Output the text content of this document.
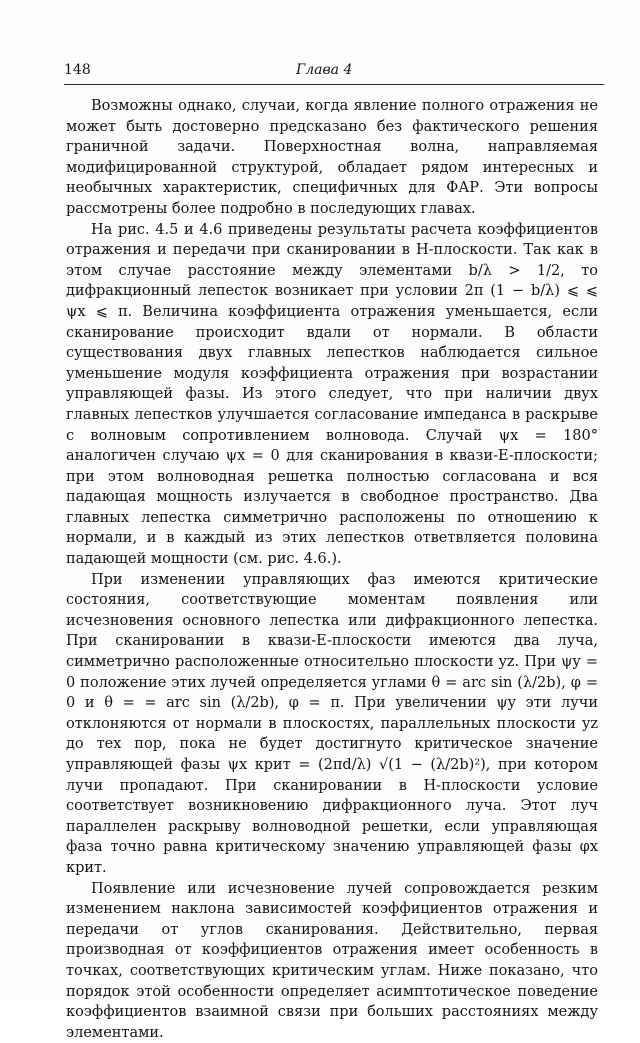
148	Глава 4

Возможны однако, случаи, когда явление полного отражения не может быть достоверно предсказано без фактического решения граничной задачи. Поверхностная волна, направляемая модифицированной структурой, обладает рядом интересных и необычных характеристик, специфичных для ФАР. Эти вопросы рассмотрены более подробно в последующих главах.

На рис. 4.5 и 4.6 приведены результаты расчета коэффициентов отражения и передачи при сканировании в H-плоскости. Так как в этом случае расстояние между элементами b/λ > 1/2, то дифракционный лепесток возникает при условии 2π (1 − b/λ) ⩽ ⩽ ψx ⩽ π. Величина коэффициента отражения уменьшается, если сканирование происходит вдали от нормали. В области существования двух главных лепестков наблюдается сильное уменьшение модуля коэффициента отражения при возрастании управляющей фазы. Из этого следует, что при наличии двух главных лепестков улучшается согласование импеданса в раскрыве с волновым сопротивлением волновода. Случай ψx = 180° аналогичен случаю ψx = 0 для сканирования в квази-E-плоскости; при этом волноводная решетка полностью согласована и вся падающая мощность излучается в свободное пространство. Два главных лепестка симметрично расположены по отношению к нормали, и в каждый из этих лепестков ответвляется половина падающей мощности (см. рис. 4.6.).

При изменении управляющих фаз имеются критические состояния, соответствующие моментам появления или исчезновения основного лепестка или дифракционного лепестка. При сканировании в квази-E-плоскости имеются два луча, симметрично расположенные относительно плоскости yz. При ψy = 0 положение этих лучей определяется углами θ = arc sin (λ/2b), φ = 0 и θ = = arc sin (λ/2b), φ = π. При увеличении ψy эти лучи отклоняются от нормали в плоскостях, параллельных плоскости yz до тех пор, пока не будет достигнуто критическое значение управляющей фазы ψx крит = (2πd/λ) √(1 − (λ/2b)²), при котором лучи пропадают. При сканировании в H-плоскости условие соответствует возникновению дифракционного луча. Этот луч параллелен раскрыву волноводной решетки, если управляющая фаза точно равна критическому значению управляющей фазы φx крит.

Появление или исчезновение лучей сопровождается резким изменением наклона зависимостей коэффициентов отражения и передачи от углов сканирования. Действительно, первая производная от коэффициентов отражения имеет особенность в точках, соответствующих критическим углам. Ниже показано, что порядок этой особенности определяет асимптотическое поведение коэффициентов взаимной связи при больших расстояниях между элементами.
